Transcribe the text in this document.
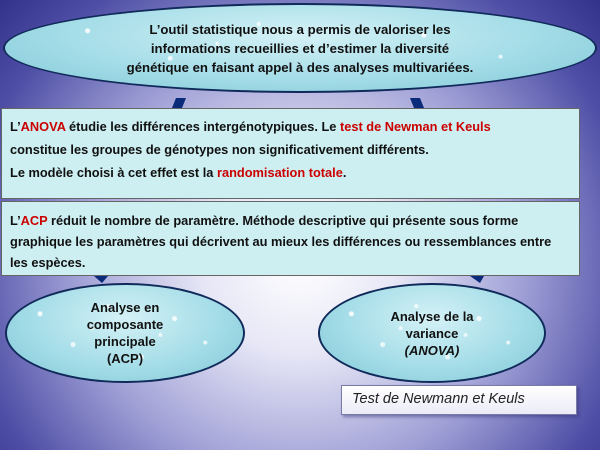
L’outil statistique nous a permis de valoriser les
informations recueillies et d’estimer la diversité
génétique en faisant appel à des analyses multivariées.
L’ANOVA étudie les différences intergénotypiques. Le test de Newman et Keuls
constitue les groupes de génotypes non significativement différents.
Le modèle choisi à cet effet est la randomisation totale.
L’ACP réduit le nombre de paramètre. Méthode descriptive qui présente sous forme graphique les paramètres qui décrivent au mieux les différences ou ressemblances entre les espèces.
Analyse en
composante
principale
(ACP)
Analyse de la
variance
(ANOVA)
Test de Newmann et Keuls
